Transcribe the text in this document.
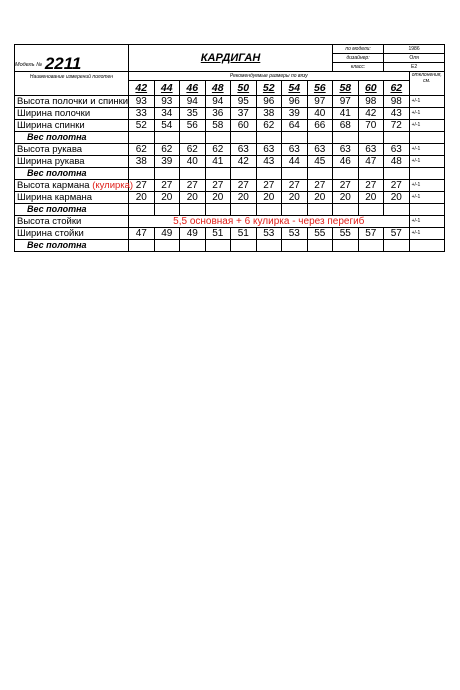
Модель № 2211	КАРДИГАН								по модели:		1986	
									дизайнер:		Оля	
									класс:		Е2	
Наименование измерений полотен	Рекомендуемые размеры по вязу											отклонения, см.
	42	44	46	48	50	52	54	56	58	60	62	
Высота полочки и спинки	93	93	94	94	95	96	96	97	97	98	98	+/-1
Ширина полочки	33	34	35	36	37	38	39	40	41	42	43	+/-1
Ширина спинки	52	54	56	58	60	62	64	66	68	70	72	+/-1
Вес полотна												
Высота рукава	62	62	62	62	63	63	63	63	63	63	63	+/-1
Ширина рукава	38	39	40	41	42	43	44	45	46	47	48	+/-1
Вес полотна												
Высота кармана (кулирка)	27	27	27	27	27	27	27	27	27	27	27	+/-1
Ширина кармана	20	20	20	20	20	20	20	20	20	20	20	+/-1
Вес полотна												
Высота стойки	5,5 основная + 6 кулирка - через перегиб											+/-1
Ширина стойки	47	49	49	51	51	53	53	55	55	57	57	+/-1
Вес полотна												
